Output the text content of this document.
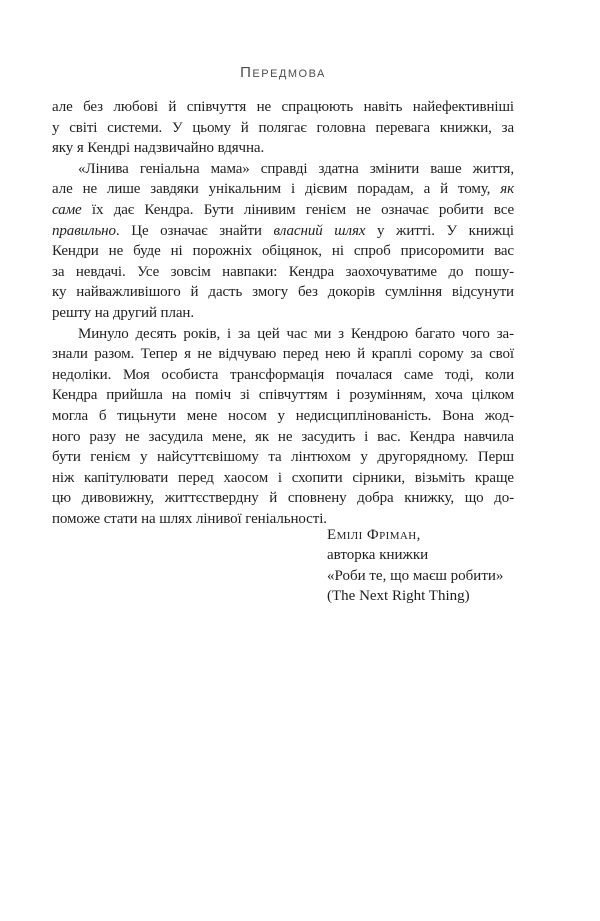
Передмова
але без любові й співчуття не спрацюють навіть найефективніші
у світі системи. У цьому й полягає головна перевага книжки, за
яку я Кендрі надзвичайно вдячна.
«Лінива геніальна мама» справді здатна змінити ваше життя,
але не лише завдяки унікальним і дієвим порадам, а й тому, як
саме їх дає Кендра. Бути лінивим генієм не означає робити все
правильно. Це означає знайти власний шлях у житті. У книжці
Кендри не буде ні порожніх обіцянок, ні спроб присоромити вас
за невдачі. Усе зовсім навпаки: Кендра заохочуватиме до пошу-
ку найважливішого й дасть змогу без докорів сумління відсунути
решту на другий план.
Минуло десять років, і за цей час ми з Кендрою багато чого за-
знали разом. Тепер я не відчуваю перед нею й краплі сорому за свої
недоліки. Моя особиста трансформація почалася саме тоді, коли
Кендра прийшла на поміч зі співчуттям і розумінням, хоча цілком
могла б тицьнути мене носом у недисциплінованість. Вона жод-
ного разу не засудила мене, як не засудить і вас. Кендра навчила
бути генієм у найсуттєвішому та лінтюхом у другорядному. Перш
ніж капітулювати перед хаосом і схопити сірники, візьміть краще
цю дивовижну, життєствердну й сповнену добра книжку, що до-
поможе стати на шлях лінивої геніальності.
Емілі Фріман,
авторка книжки
«Роби те, що маєш робити»
(The Next Right Thing)
